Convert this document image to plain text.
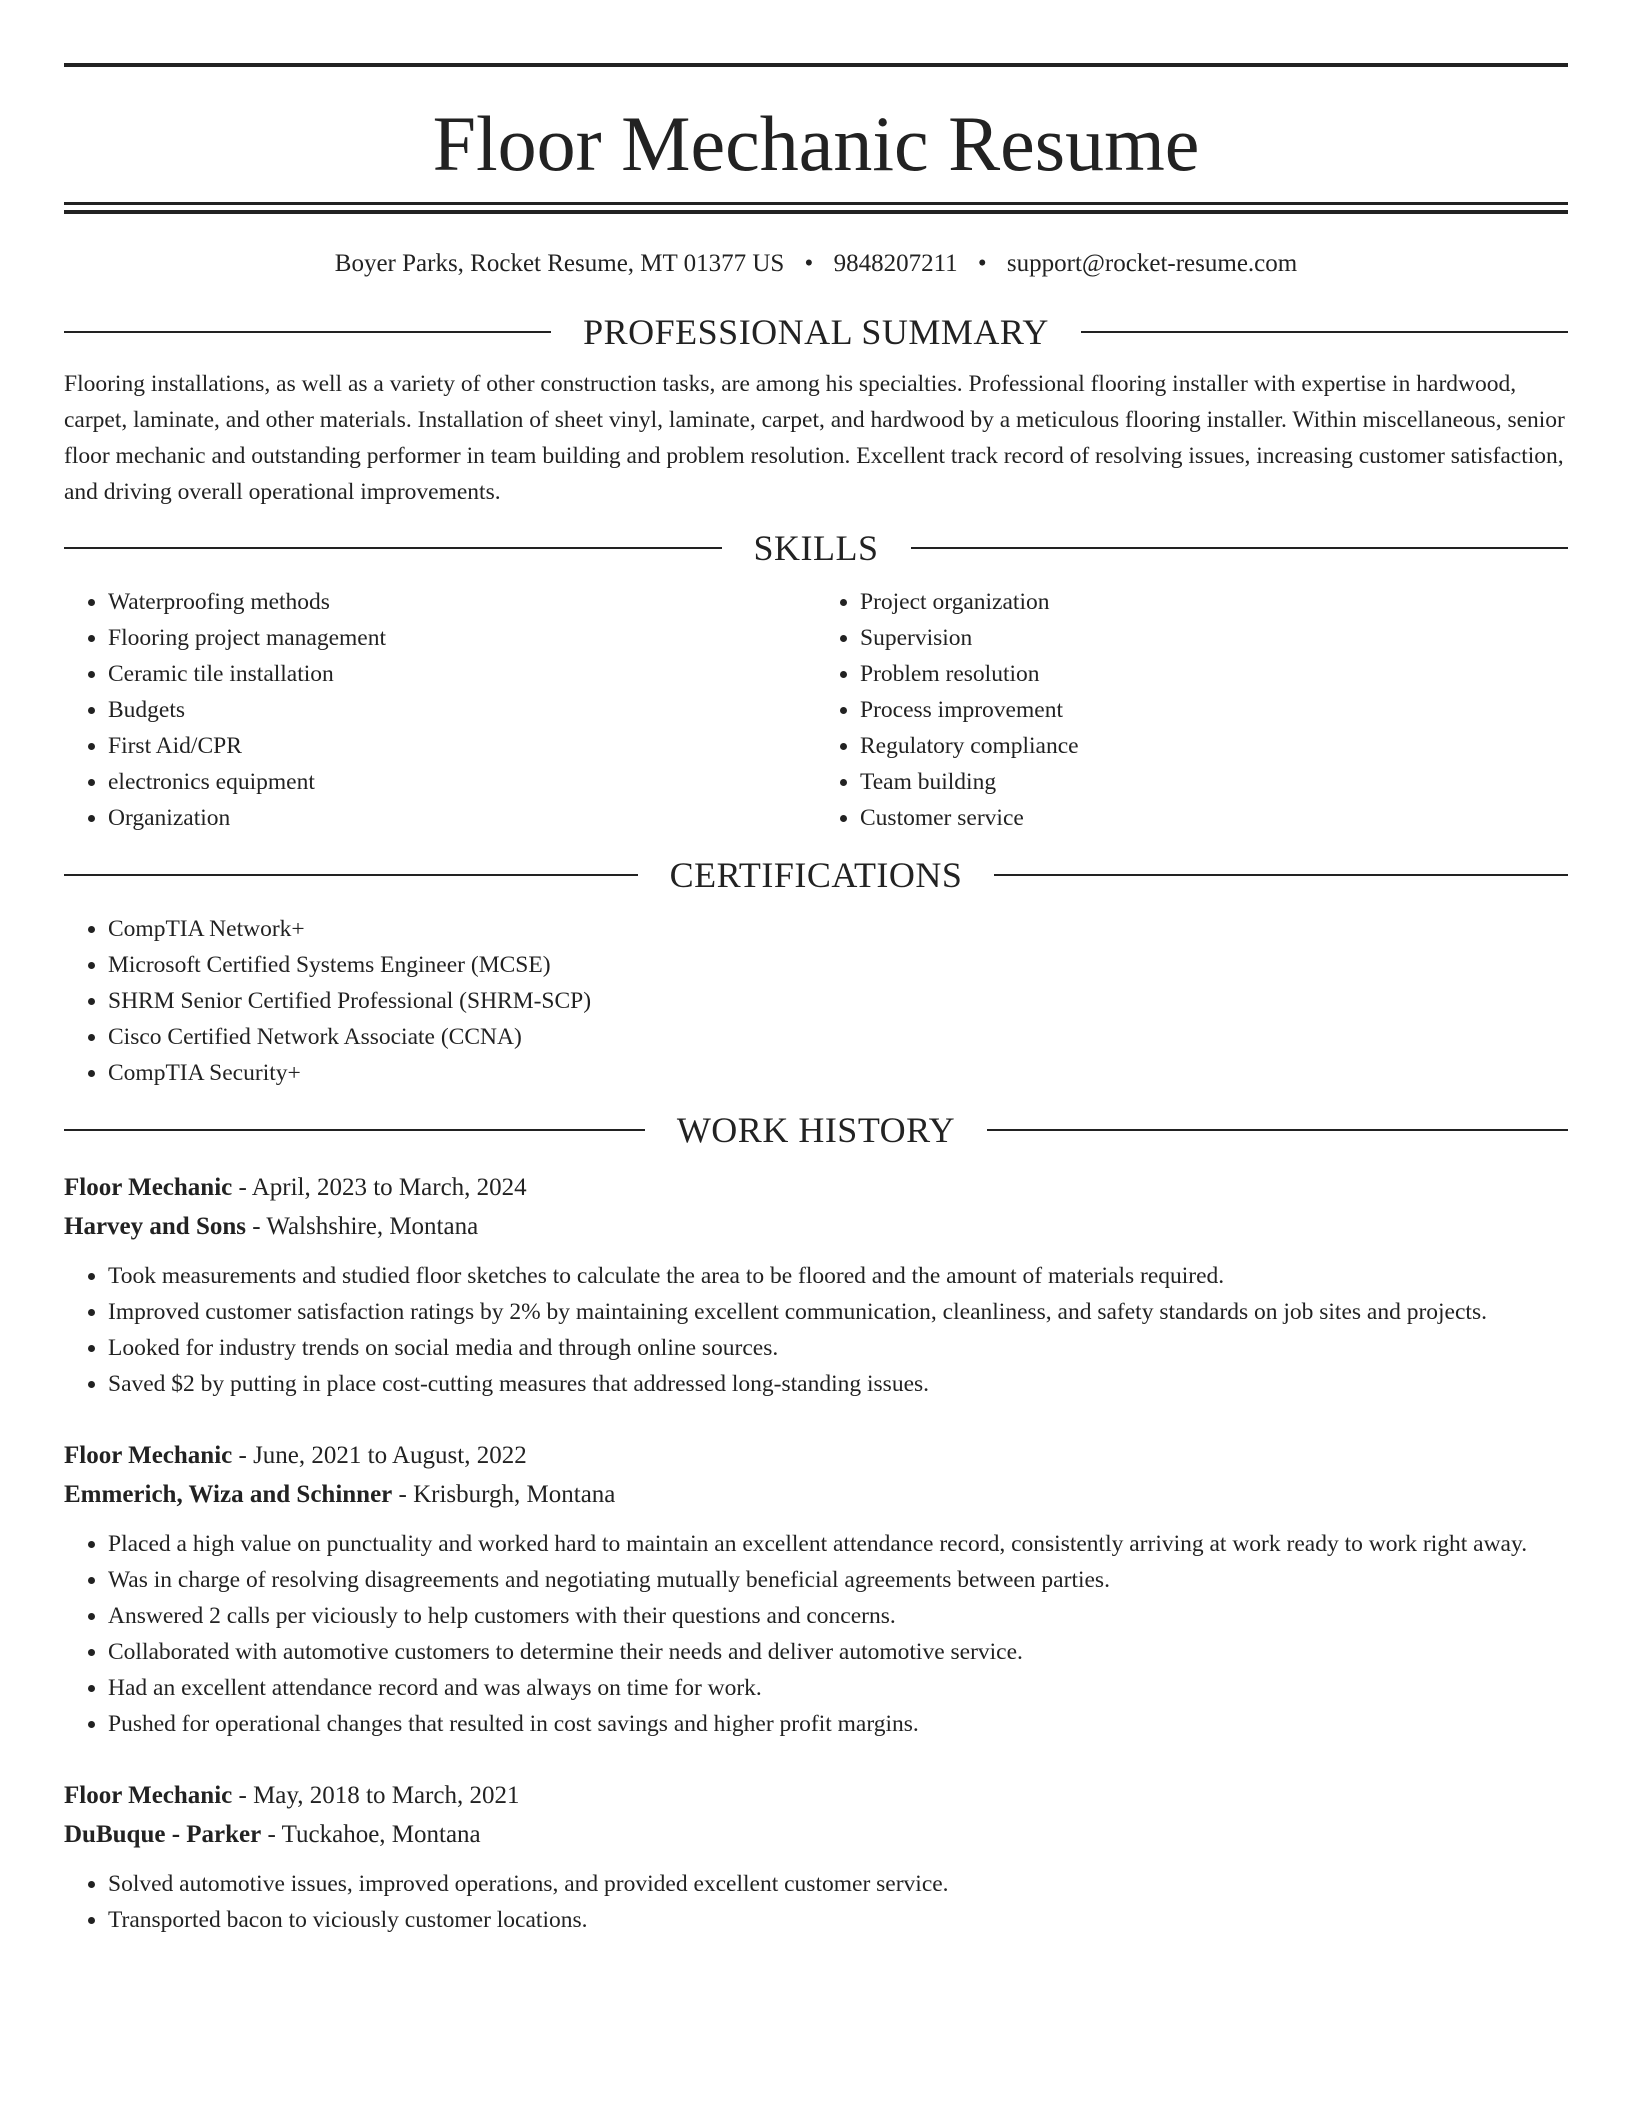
Floor Mechanic Resume
Boyer Parks, Rocket Resume, MT 01377 US • 9848207211 • support@rocket-resume.com
PROFESSIONAL SUMMARY
Flooring installations, as well as a variety of other construction tasks, are among his specialties. Professional flooring installer with expertise in hardwood, carpet, laminate, and other materials. Installation of sheet vinyl, laminate, carpet, and hardwood by a meticulous flooring installer. Within miscellaneous, senior floor mechanic and outstanding performer in team building and problem resolution. Excellent track record of resolving issues, increasing customer satisfaction, and driving overall operational improvements.
SKILLS
• Waterproofing methods
• Flooring project management
• Ceramic tile installation
• Budgets
• First Aid/CPR
• electronics equipment
• Organization
• Project organization
• Supervision
• Problem resolution
• Process improvement
• Regulatory compliance
• Team building
• Customer service
CERTIFICATIONS
• CompTIA Network+
• Microsoft Certified Systems Engineer (MCSE)
• SHRM Senior Certified Professional (SHRM-SCP)
• Cisco Certified Network Associate (CCNA)
• CompTIA Security+
WORK HISTORY
Floor Mechanic - April, 2023 to March, 2024
Harvey and Sons - Walshshire, Montana
• Took measurements and studied floor sketches to calculate the area to be floored and the amount of materials required.
• Improved customer satisfaction ratings by 2% by maintaining excellent communication, cleanliness, and safety standards on job sites and projects.
• Looked for industry trends on social media and through online sources.
• Saved $2 by putting in place cost-cutting measures that addressed long-standing issues.
Floor Mechanic - June, 2021 to August, 2022
Emmerich, Wiza and Schinner - Krisburgh, Montana
• Placed a high value on punctuality and worked hard to maintain an excellent attendance record, consistently arriving at work ready to work right away.
• Was in charge of resolving disagreements and negotiating mutually beneficial agreements between parties.
• Answered 2 calls per viciously to help customers with their questions and concerns.
• Collaborated with automotive customers to determine their needs and deliver automotive service.
• Had an excellent attendance record and was always on time for work.
• Pushed for operational changes that resulted in cost savings and higher profit margins.
Floor Mechanic - May, 2018 to March, 2021
DuBuque - Parker - Tuckahoe, Montana
• Solved automotive issues, improved operations, and provided excellent customer service.
• Transported bacon to viciously customer locations.
